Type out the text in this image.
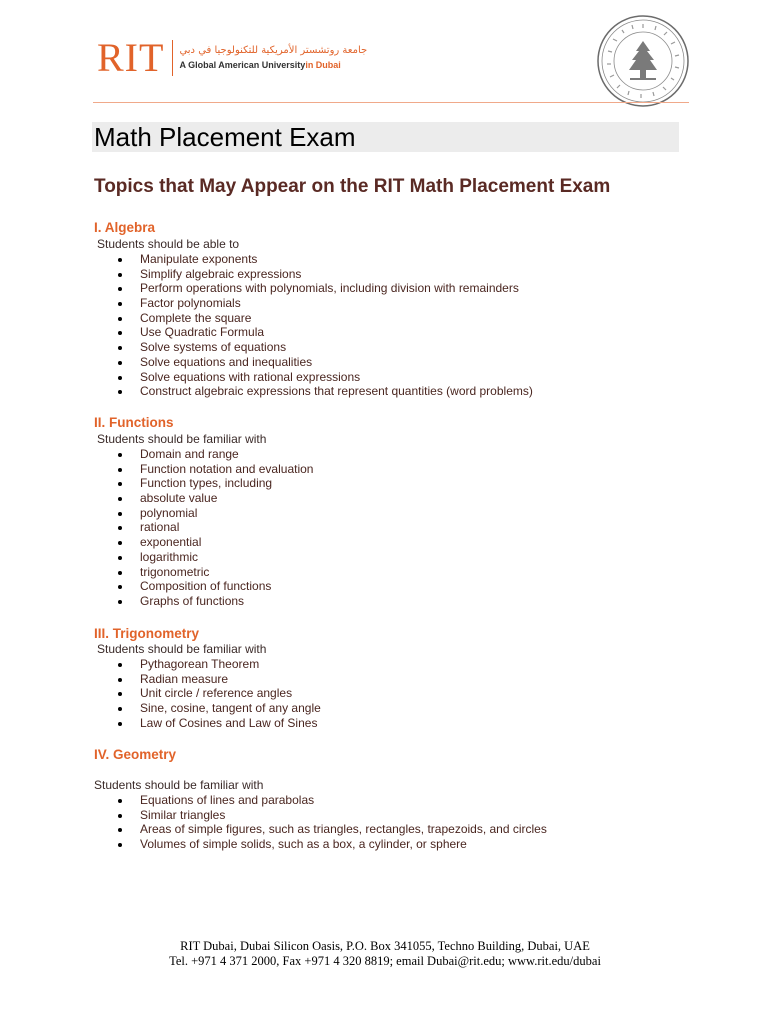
RIT جامعة روتشستر الأمريكية للتكنولوجيا في دبي
A Global American Universityin Dubai
Math Placement Exam
Topics that May Appear on the RIT Math Placement Exam
I. Algebra
Students should be able to
Manipulate exponents
Simplify algebraic expressions
Perform operations with polynomials, including division with remainders
Factor polynomials
Complete the square
Use Quadratic Formula
Solve systems of equations
Solve equations and inequalities
Solve equations with rational expressions
Construct algebraic expressions that represent quantities (word problems)
II. Functions
Students should be familiar with
Domain and range
Function notation and evaluation
Function types, including
absolute value
polynomial
rational
exponential
logarithmic
trigonometric
Composition of functions
Graphs of functions
III. Trigonometry
Students should be familiar with
Pythagorean Theorem
Radian measure
Unit circle / reference angles
Sine, cosine, tangent of any angle
Law of Cosines and Law of Sines
IV. Geometry
Students should be familiar with
Equations of lines and parabolas
Similar triangles
Areas of simple figures, such as triangles, rectangles, trapezoids, and circles
Volumes of simple solids, such as a box, a cylinder, or sphere
RIT Dubai, Dubai Silicon Oasis, P.O. Box 341055, Techno Building, Dubai, UAE
Tel. +971 4 371 2000, Fax +971 4 320 8819; email Dubai@rit.edu; www.rit.edu/dubai
